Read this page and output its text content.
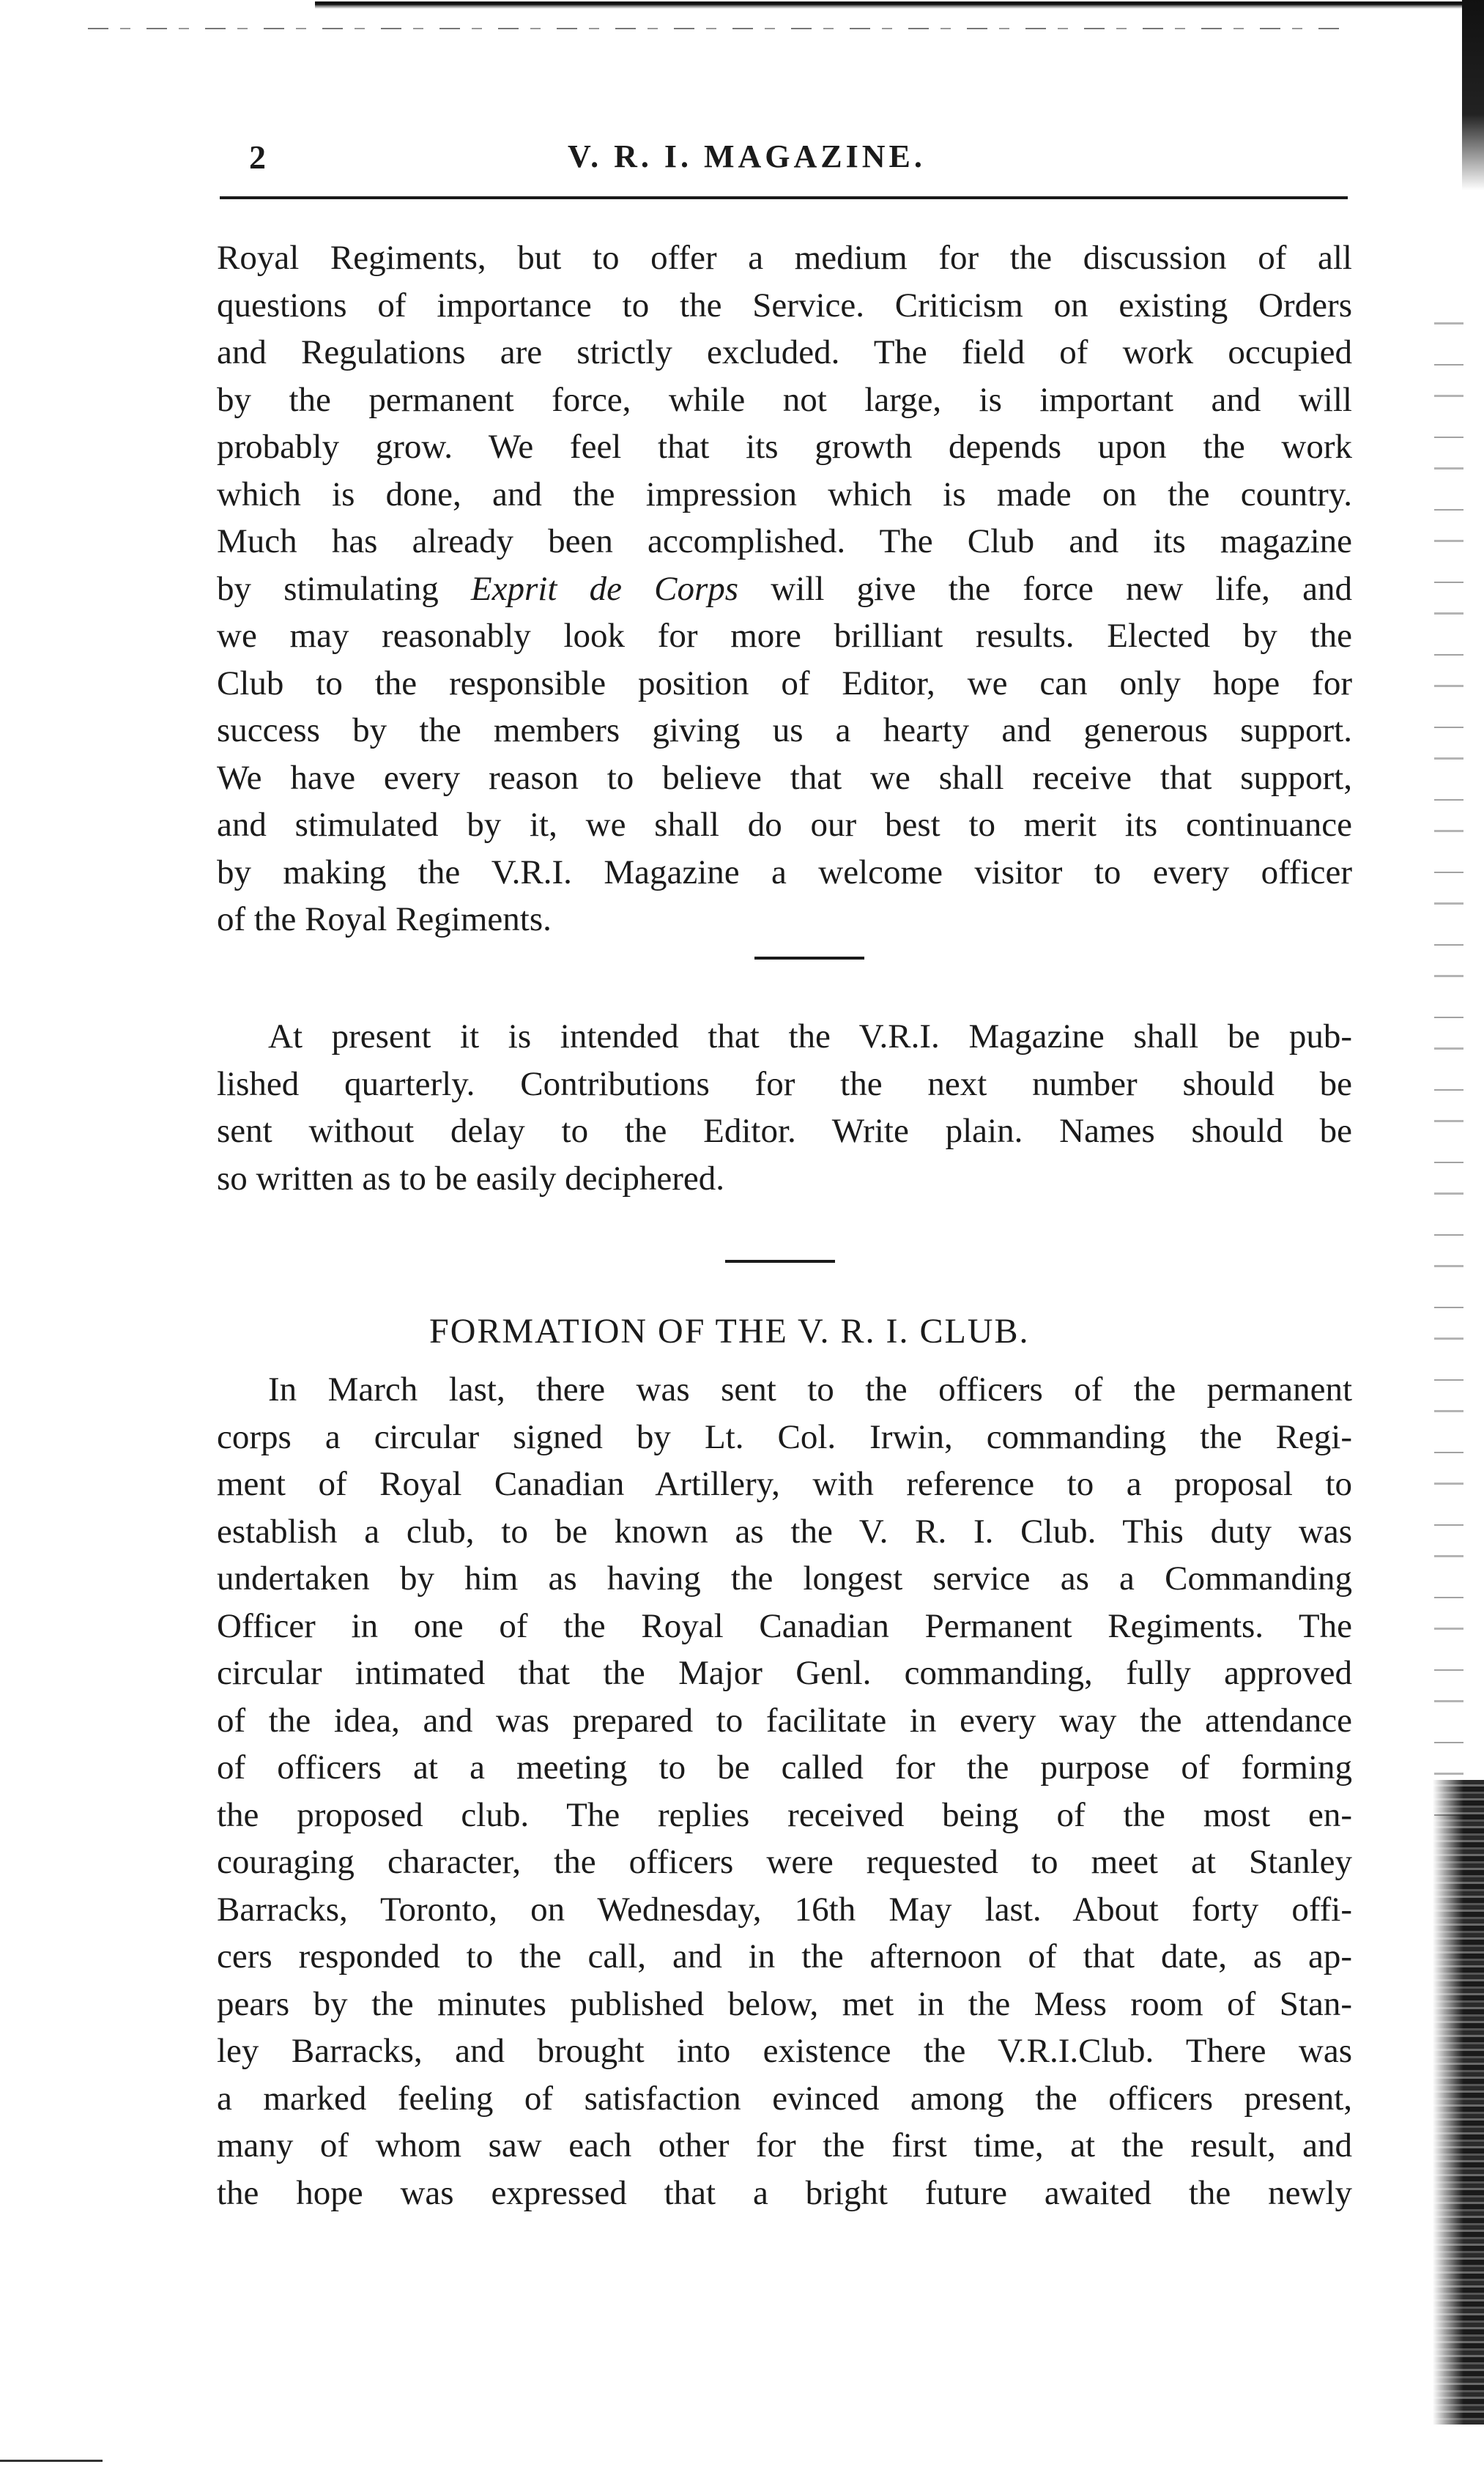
2	V. R. I. MAGAZINE.
Royal Regiments, but to offer a medium for the discussion of all
questions of importance to the Service. Criticism on existing Orders
and Regulations are strictly excluded. The field of work occupied
by the permanent force, while not large, is important and will
probably grow. We feel that its growth depends upon the work
which is done, and the impression which is made on the country.
Much has already been accomplished. The Club and its magazine
by stimulating Exprit de Corps will give the force new life, and
we may reasonably look for more brilliant results. Elected by the
Club to the responsible position of Editor, we can only hope for
success by the members giving us a hearty and generous support.
We have every reason to believe that we shall receive that support,
and stimulated by it, we shall do our best to merit its continuance
by making the V.R.I. Magazine a welcome visitor to every officer
of the Royal Regiments.
At present it is intended that the V.R.I. Magazine shall be pub-
lished quarterly. Contributions for the next number should be
sent without delay to the Editor. Write plain. Names should be
so written as to be easily deciphered.
FORMATION OF THE V. R. I. CLUB.
In March last, there was sent to the officers of the permanent
corps a circular signed by Lt. Col. Irwin, commanding the Regi-
ment of Royal Canadian Artillery, with reference to a proposal to
establish a club, to be known as the V. R. I. Club. This duty was
undertaken by him as having the longest service as a Commanding
Officer in one of the Royal Canadian Permanent Regiments. The
circular intimated that the Major Genl. commanding, fully approved
of the idea, and was prepared to facilitate in every way the attendance
of officers at a meeting to be called for the purpose of forming
the proposed club. The replies received being of the most en-
couraging character, the officers were requested to meet at Stanley
Barracks, Toronto, on Wednesday, 16th May last. About forty offi-
cers responded to the call, and in the afternoon of that date, as ap-
pears by the minutes published below, met in the Mess room of Stan-
ley Barracks, and brought into existence the V.R.I.Club. There was
a marked feeling of satisfaction evinced among the officers present,
many of whom saw each other for the first time, at the result, and
the hope was expressed that a bright future awaited the newly
